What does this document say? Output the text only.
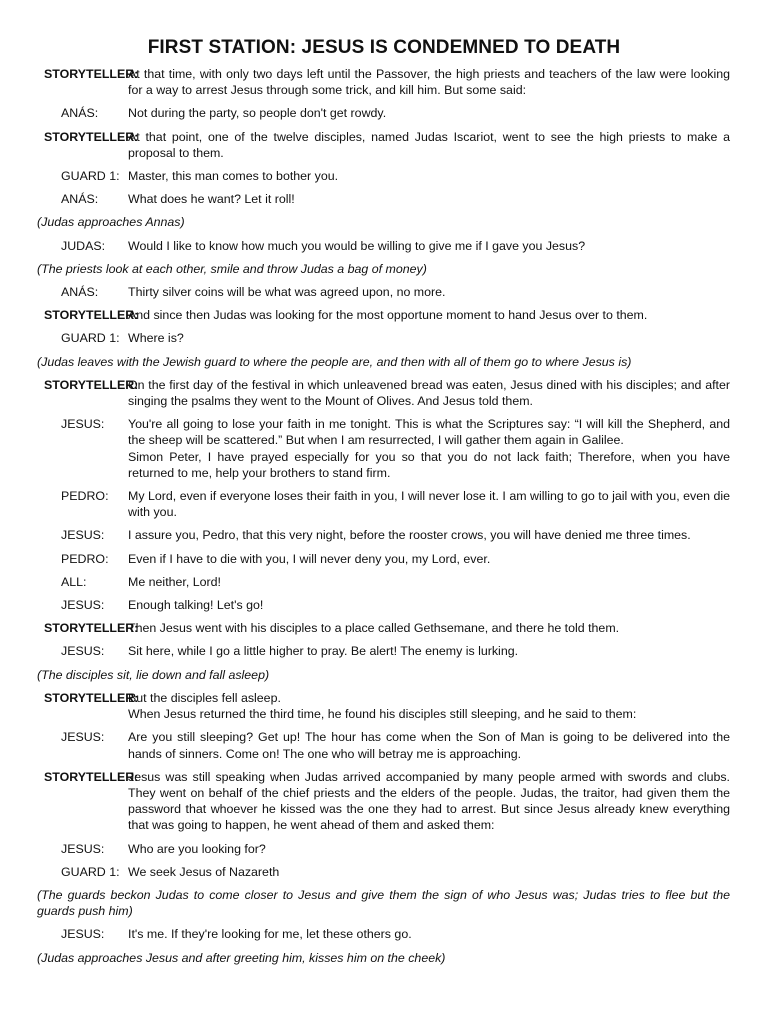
FIRST STATION: JESUS IS CONDEMNED TO DEATH
STORYTELLER:

At that time, with only two days left until the Passover, the high priests and teachers of the law were looking for a way to arrest Jesus through some trick, and kill him. But some said:

ANÁS:	Not during the party, so people don't get rowdy.

STORYTELLER:

At that point, one of the twelve disciples, named Judas Iscariot, went to see the high priests to make a proposal to them.

GUARD 1: Master, this man comes to bother you.

ANÁS:	What does he want? Let it roll!

(Judas approaches Annas)
JUDAS:	Would I like to know how much you would be willing to give me if I gave you Jesus?

(The priests look at each other, smile and throw Judas a bag of money)
ANÁS:	Thirty silver coins will be what was agreed upon, no more.

STORYTELLER:

And since then Judas was looking for the most opportune moment to hand Jesus over to them.

GUARD 1: Where is?

(Judas leaves with the Jewish guard to where the people are, and then with all of them go to where Jesus is)
STORYTELLER:

On the first day of the festival in which unleavened bread was eaten, Jesus dined with his disciples; and after singing the psalms they went to the Mount of Olives. And Jesus told them.

JESUS:	You're all going to lose your faith in me tonight. This is what the Scriptures say: “I will kill the Shepherd, and the sheep will be scattered.” But when I am resurrected, I will gather them again in Galilee.

Simon Peter, I have prayed especially for you so that you do not lack faith; Therefore, when you have returned to me, help your brothers to stand firm.

PEDRO:	My Lord, even if everyone loses their faith in you, I will never lose it. I am willing to go to jail with you, even die with you.

JESUS:	I assure you, Pedro, that this very night, before the rooster crows, you will have denied me three times.

PEDRO:	Even if I have to die with you, I will never deny you, my Lord, ever.

ALL:	Me neither, Lord!

JESUS:	Enough talking! Let's go!

STORYTELLER:

Then Jesus went with his disciples to a place called Gethsemane, and there he told them.

JESUS:	Sit here, while I go a little higher to pray. Be alert! The enemy is lurking.

(The disciples sit, lie down and fall asleep)
STORYTELLER:

But the disciples fell asleep.

When Jesus returned the third time, he found his disciples still sleeping, and he said to them:

JESUS:	Are you still sleeping? Get up! The hour has come when the Son of Man is going to be delivered into the hands of sinners. Come on! The one who will betray me is approaching.

STORYTELLER:

Jesus was still speaking when Judas arrived accompanied by many people armed with swords and clubs. They went on behalf of the chief priests and the elders of the people. Judas, the traitor, had given them the password that whoever he kissed was the one they had to arrest. But since Jesus already knew everything that was going to happen, he went ahead of them and asked them:

JESUS:	Who are you looking for?

GUARD 1: We seek Jesus of Nazareth

(The guards beckon Judas to come closer to Jesus and give them the sign of who Jesus was; Judas tries to flee but the guards push him)
JESUS:	It's me. If they're looking for me, let these others go.

(Judas approaches Jesus and after greeting him, kisses him on the cheek)
